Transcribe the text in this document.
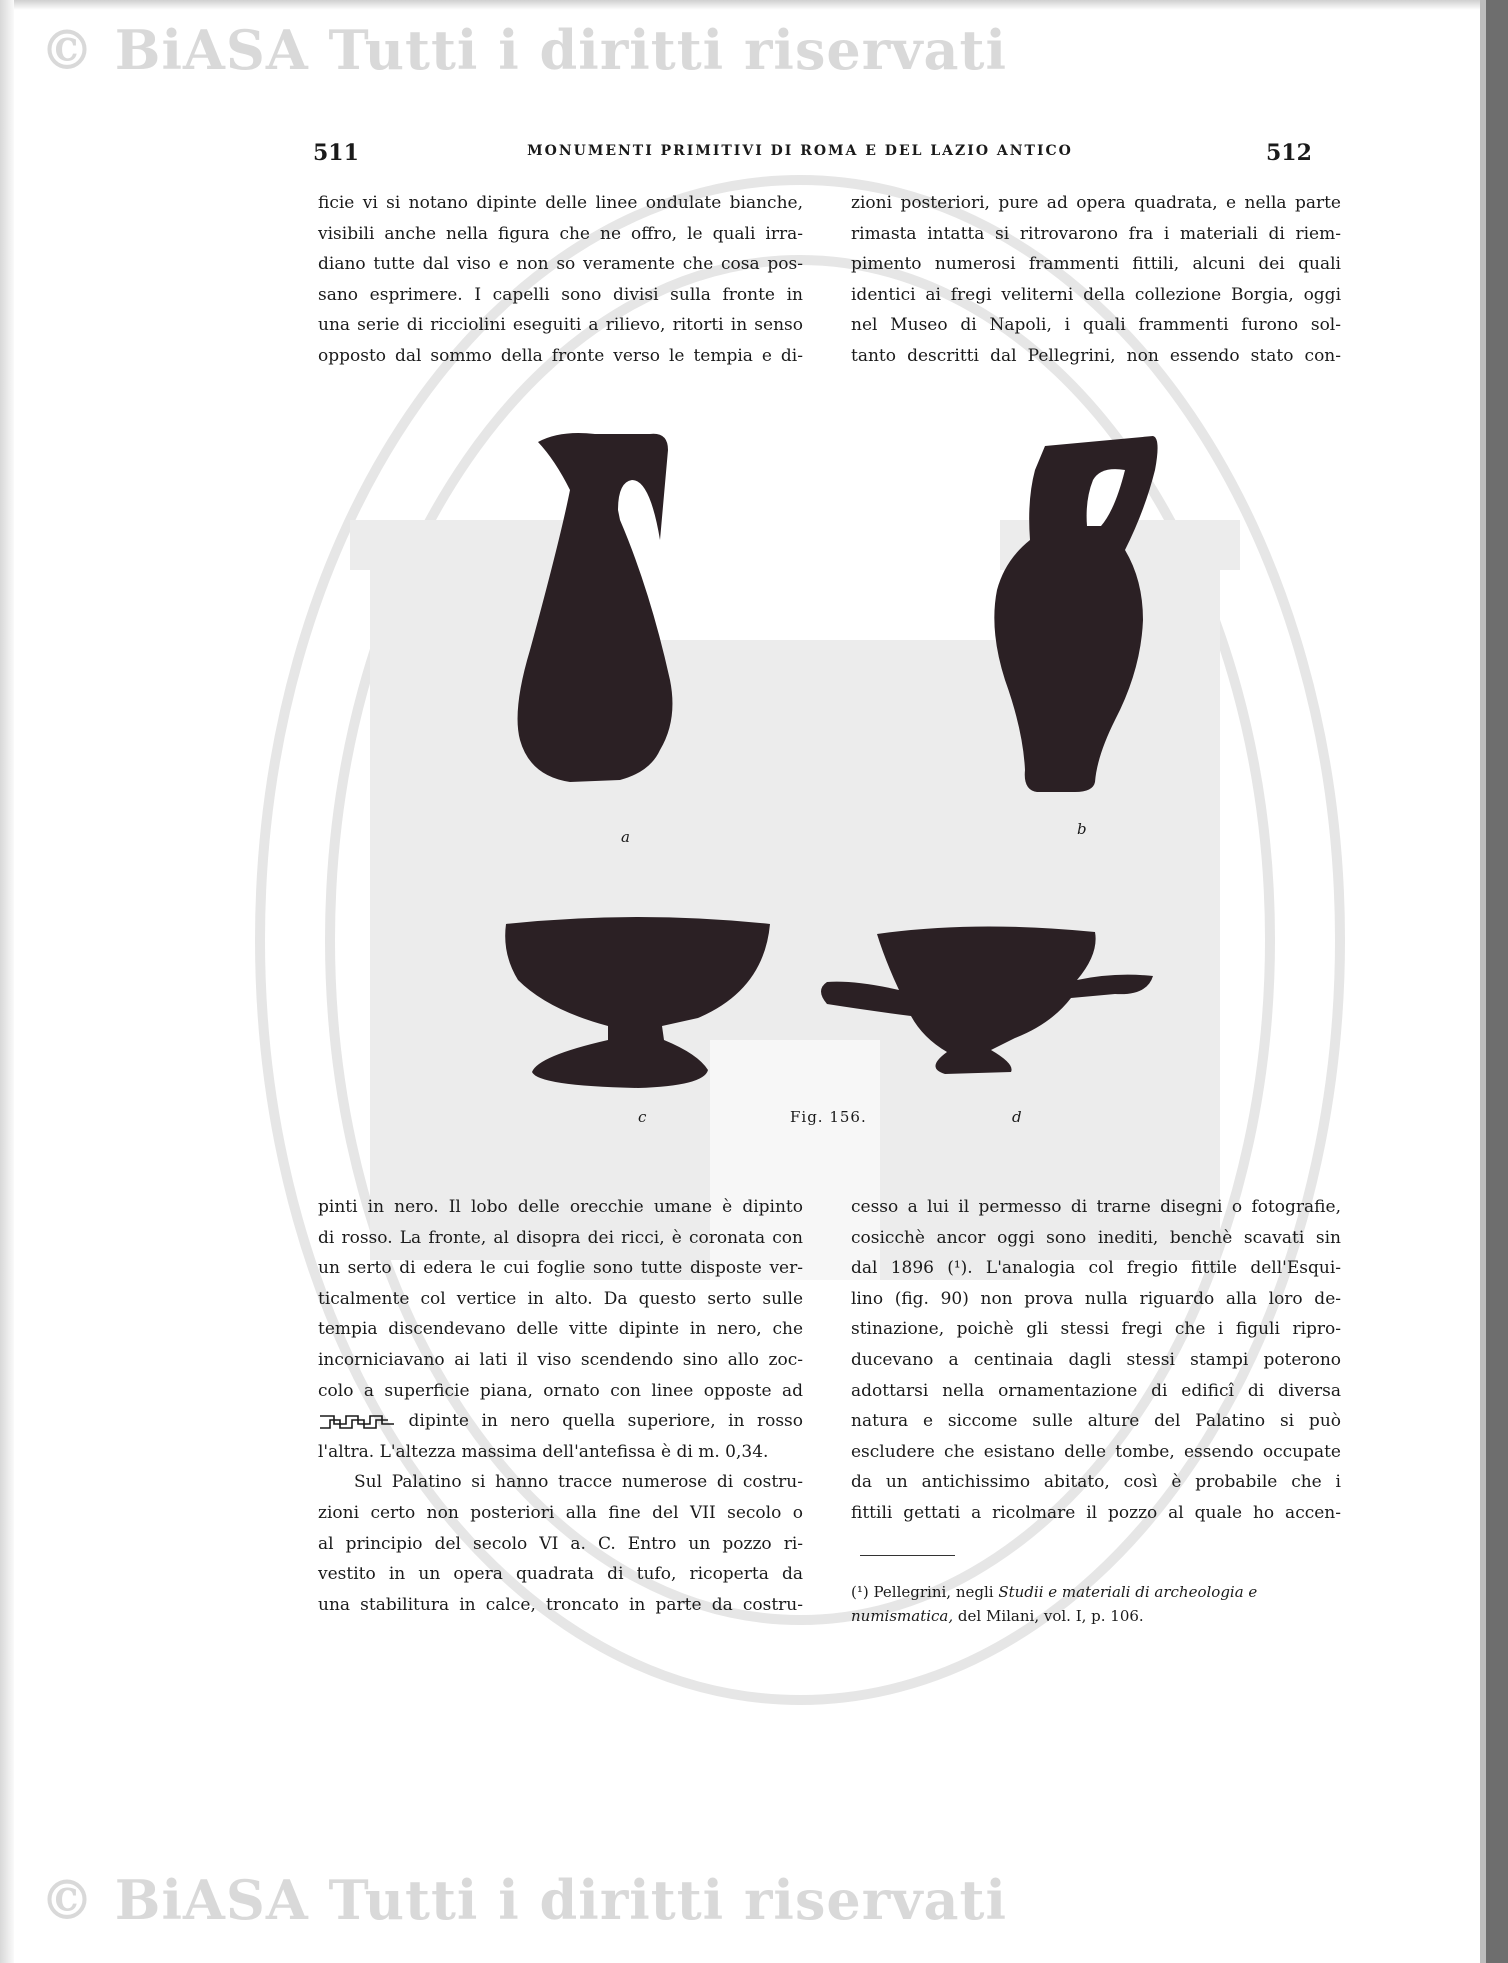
© BiASA Tutti i diritti riservati
© BiASA Tutti i diritti riservati
511	MONUMENTI PRIMITIVI DI ROMA E DEL LAZIO ANTICO	512
ficie vi si notano dipinte delle linee ondulate bianche,
visibili anche nella figura che ne offro, le quali irra-
diano tutte dal viso e non so veramente che cosa pos-
sano esprimere. I capelli sono divisi sulla fronte in
una serie di ricciolini eseguiti a rilievo, ritorti in senso
opposto dal sommo della fronte verso le tempia e di-
zioni posteriori, pure ad opera quadrata, e nella parte
rimasta intatta si ritrovarono fra i materiali di riem-
pimento numerosi frammenti fittili, alcuni dei quali
identici ai fregi veliterni della collezione Borgia, oggi
nel Museo di Napoli, i quali frammenti furono sol-
tanto descritti dal Pellegrini, non essendo stato con-
a	b
c	Fig. 156.	d
pinti in nero. Il lobo delle orecchie umane è dipinto
di rosso. La fronte, al disopra dei ricci, è coronata con
un serto di edera le cui foglie sono tutte disposte ver-
ticalmente col vertice in alto. Da questo serto sulle
tempia discendevano delle vitte dipinte in nero, che
incorniciavano ai lati il viso scendendo sino allo zoc-
colo a superficie piana, ornato con linee opposte ad
dipinte in nero quella superiore, in rosso
l'altra. L'altezza massima dell'antefissa è di m. 0,34.
Sul Palatino si hanno tracce numerose di costru-
zioni certo non posteriori alla fine del VII secolo o
al principio del secolo VI a. C. Entro un pozzo ri-
vestito in un opera quadrata di tufo, ricoperta da
una stabilitura in calce, troncato in parte da costru-
cesso a lui il permesso di trarne disegni o fotografie,
cosicchè ancor oggi sono inediti, benchè scavati sin
dal 1896 (¹). L'analogia col fregio fittile dell'Esqui-
lino (fig. 90) non prova nulla riguardo alla loro de-
stinazione, poichè gli stessi fregi che i figuli ripro-
ducevano a centinaia dagli stessi stampi poterono
adottarsi nella ornamentazione di edificî di diversa
natura e siccome sulle alture del Palatino si può
escludere che esistano delle tombe, essendo occupate
da un antichissimo abitato, così è probabile che i
fittili gettati a ricolmare il pozzo al quale ho accen-

(¹) Pellegrini, negli Studii e materiali di archeologia e numismatica, del Milani, vol. I, p. 106.
